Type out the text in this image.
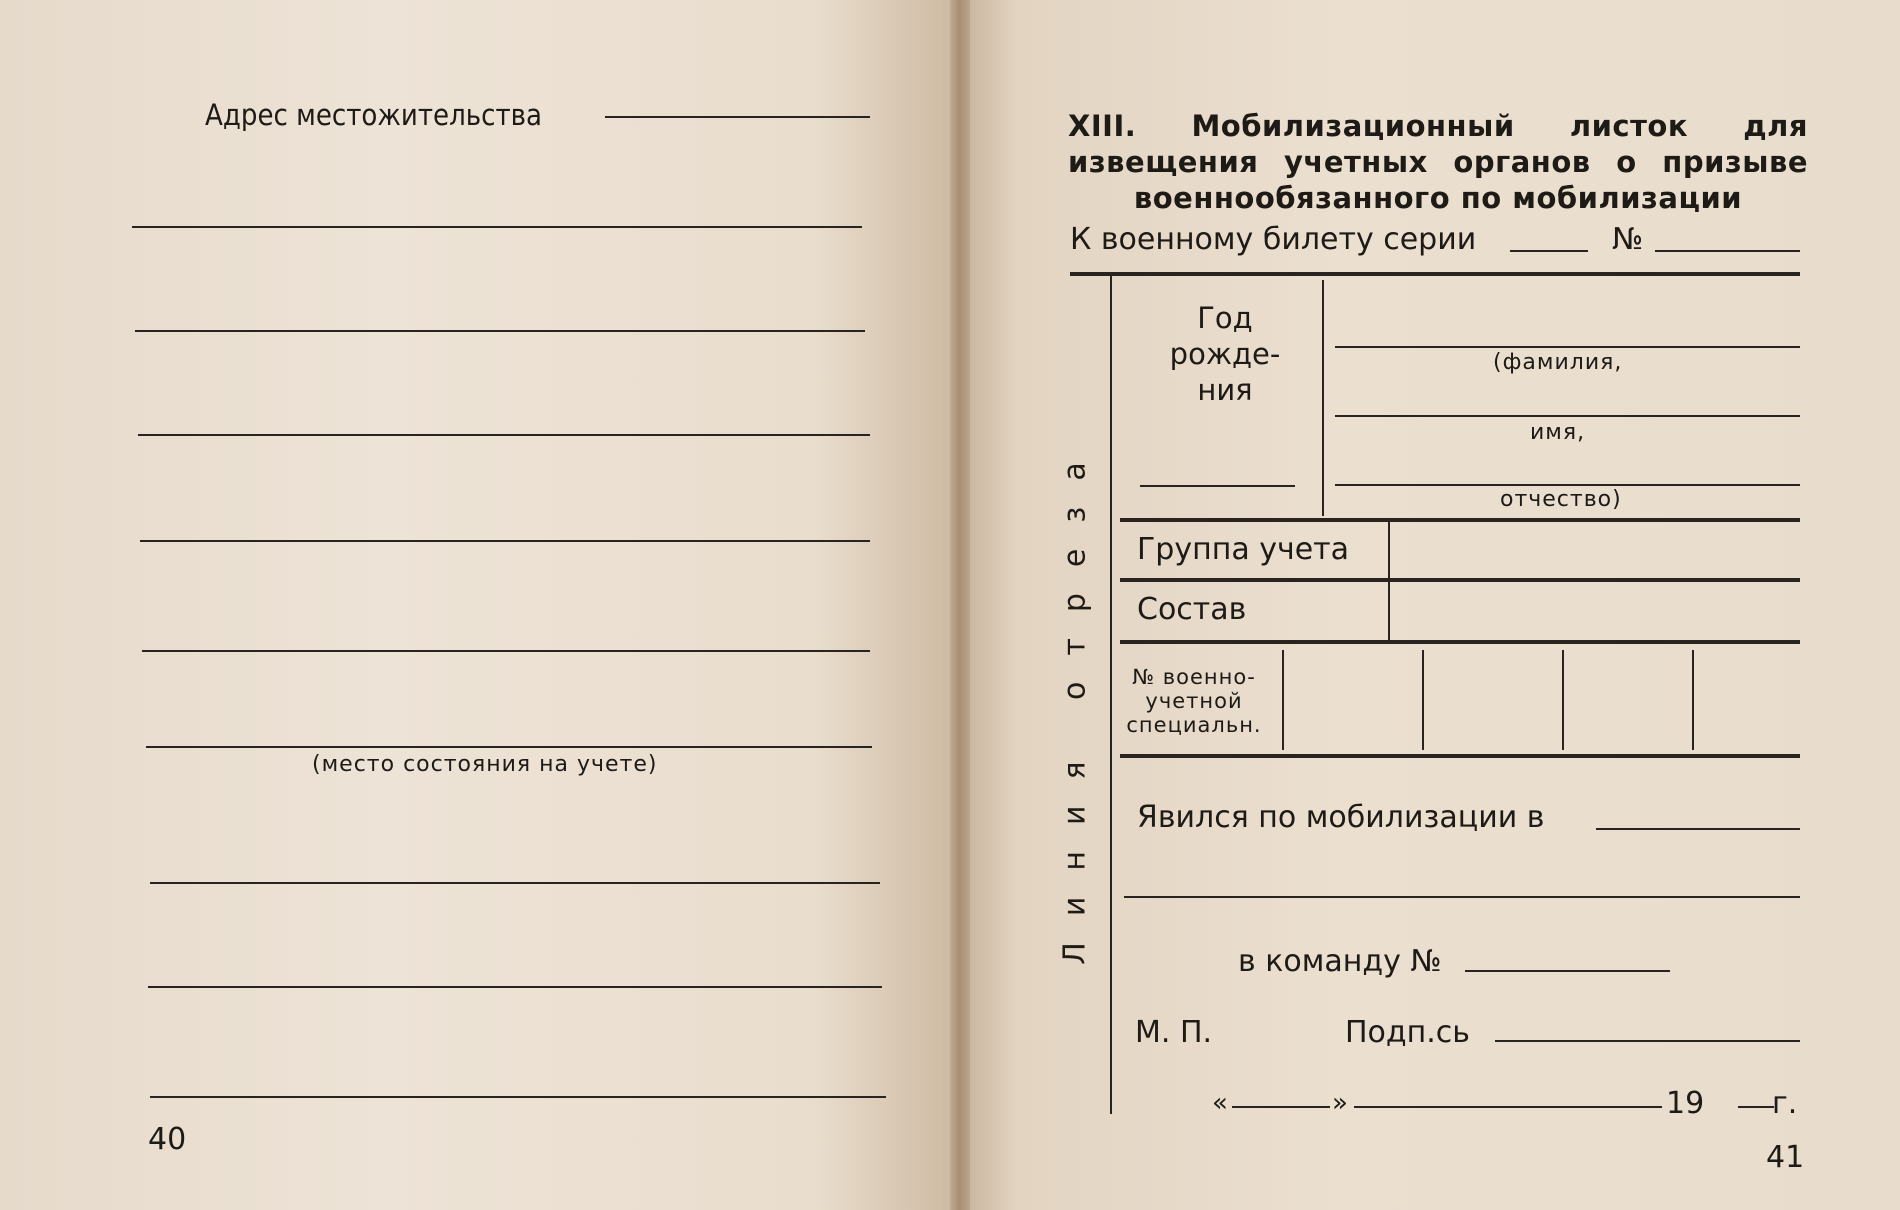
Адрес местожительства
(место состояния на учете)
40
XIII. Мобилизационный листок для извещения учетных органов о призыве военнообязанного по мобилизации
К военному билету серии	№
Линия отреза
Год рожде-ния
(фамилия,
имя,
отчество)
Группа учета
Состав
№ военно-учетной специальн.
Явился по мобилизации в
в команду №
М. П.	Подп.сь
«	»	19 г.
41
